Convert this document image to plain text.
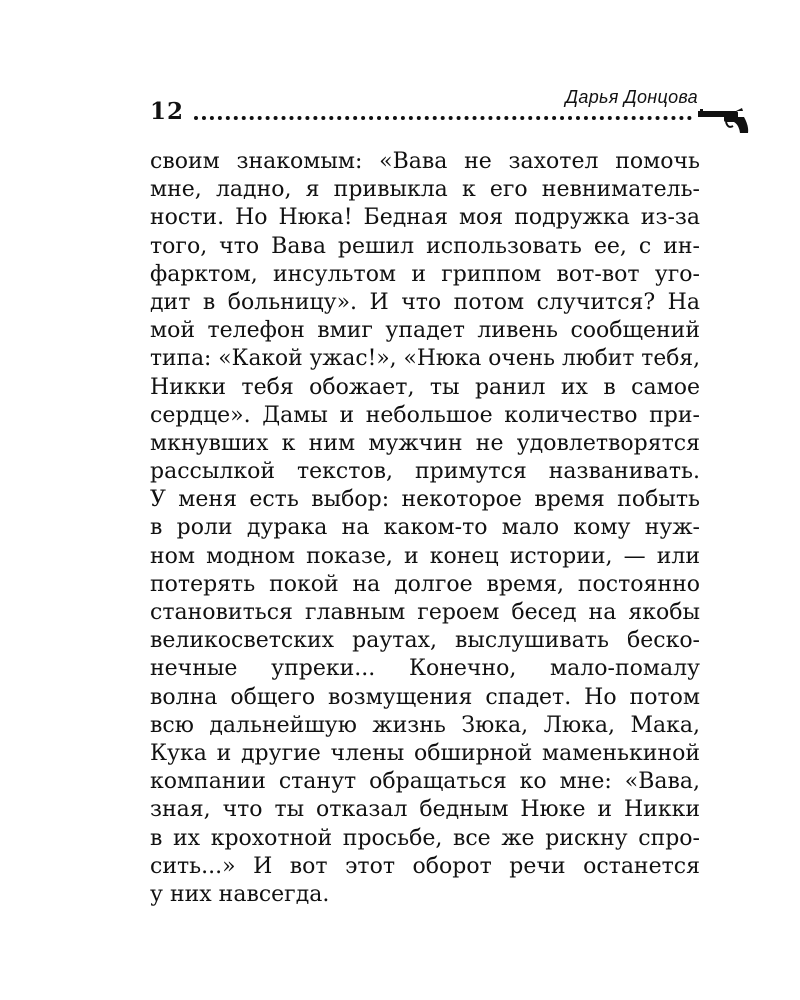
12
Дарья Донцова
своим знакомым: «Вава не захотел помочь
мне, ладно, я привыкла к его невниматель-
ности. Но Нюка! Бедная моя подружка из-за
того, что Вава решил использовать ее, с ин-
фарктом, инсультом и гриппом вот-вот уго-
дит в больницу». И что потом случится? На
мой телефон вмиг упадет ливень сообщений
типа: «Какой ужас!», «Нюка очень любит тебя,
Никки тебя обожает, ты ранил их в самое
сердце». Дамы и небольшое количество при-
мкнувших к ним мужчин не удовлетворятся
рассылкой текстов, примутся названивать.
У меня есть выбор: некоторое время побыть
в роли дурака на каком-то мало кому нуж-
ном модном показе, и конец истории, — или
потерять покой на долгое время, постоянно
становиться главным героем бесед на якобы
великосветских раутах, выслушивать беско-
нечные упреки... Конечно, мало-помалу
волна общего возмущения спадет. Но потом
всю дальнейшую жизнь Зюка, Люка, Мака,
Кука и другие члены обширной маменькиной
компании станут обращаться ко мне: «Вава,
зная, что ты отказал бедным Нюке и Никки
в их крохотной просьбе, все же рискну спро-
сить...» И вот этот оборот речи останется
у них навсегда.
